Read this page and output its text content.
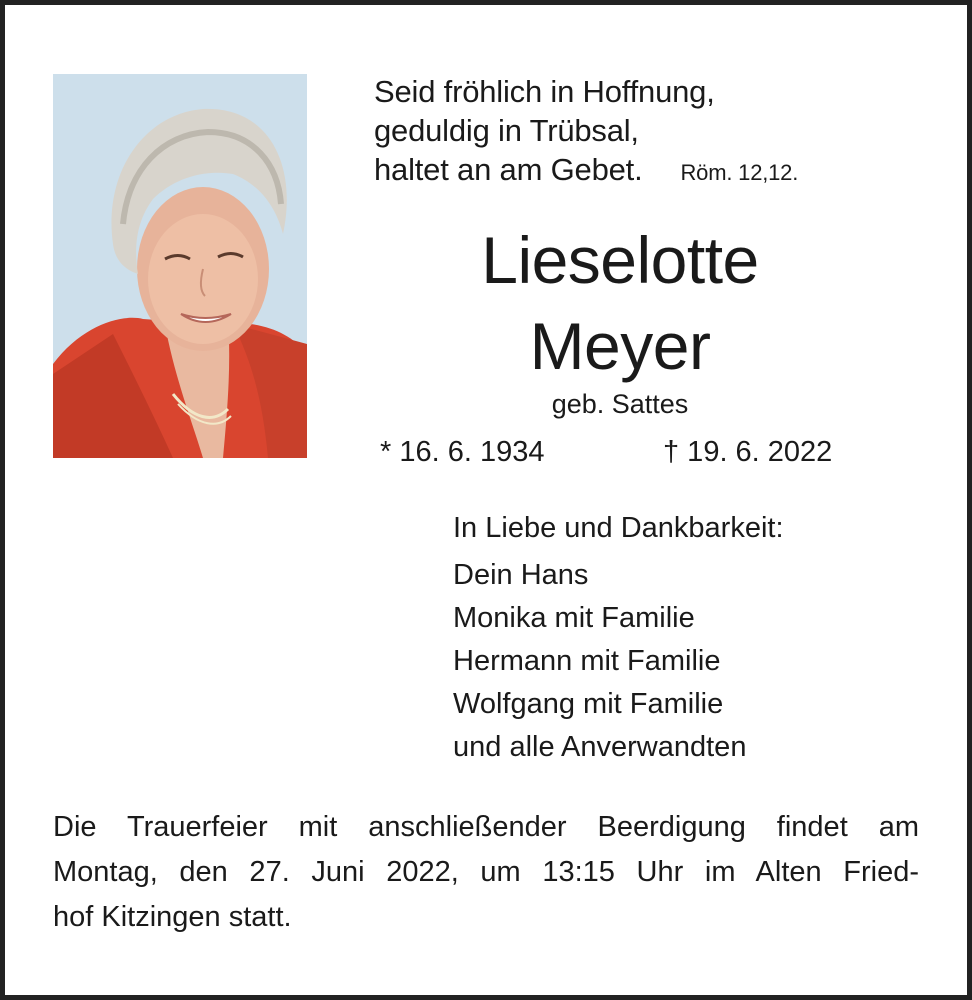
Seid fröhlich in Hoffnung,
geduldig in Trübsal,
haltet an am Gebet. Röm. 12,12.
Lieselotte
Meyer
geb. Sattes
* 16. 6. 1934	† 19. 6. 2022
In Liebe und Dankbarkeit:
Dein Hans
Monika mit Familie
Hermann mit Familie
Wolfgang mit Familie
und alle Anverwandten
Die Trauerfeier mit anschließender Beerdigung findet am
Montag, den 27. Juni 2022, um 13:15 Uhr im Alten Fried-
hof Kitzingen statt.
